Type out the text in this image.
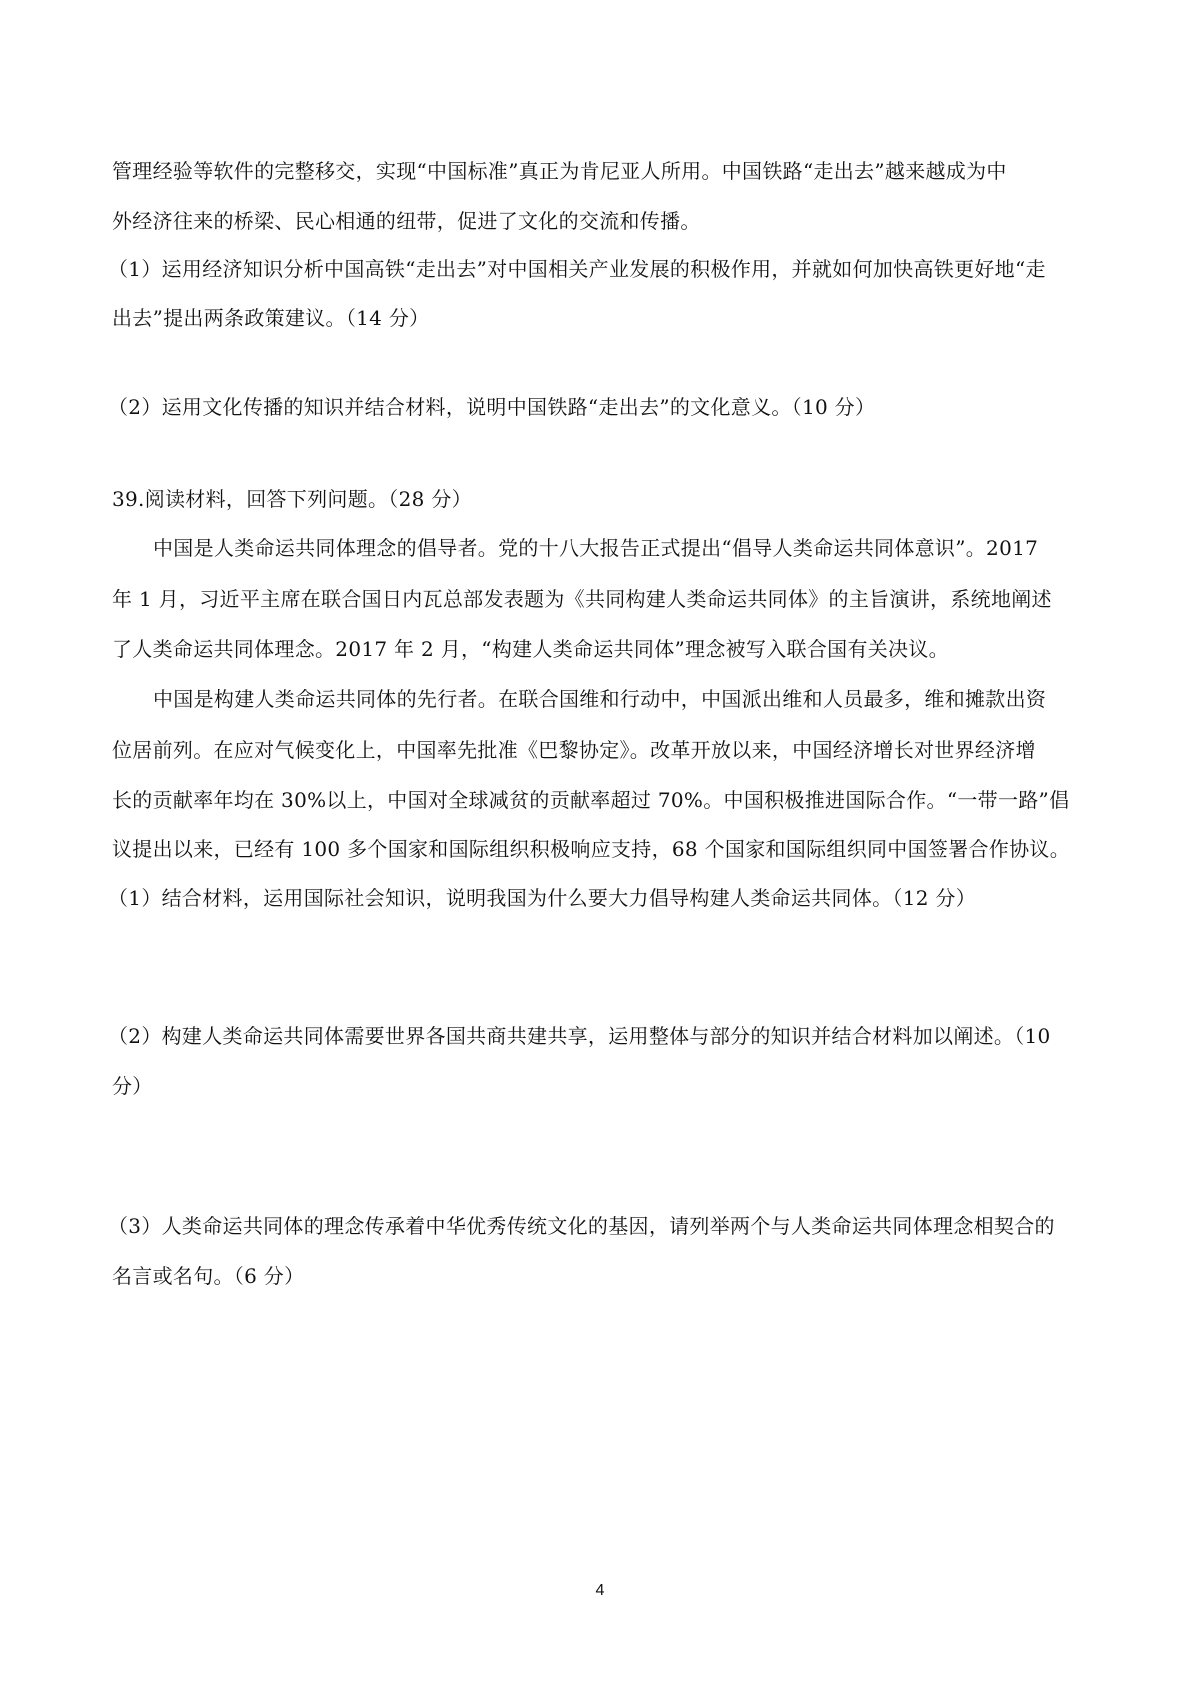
管理经验等软件的完整移交，实现“中国标准”真正为肯尼亚人所用。中国铁路“走出去”越来越成为中
外经济往来的桥梁、民心相通的纽带，促进了文化的交流和传播。
（1）运用经济知识分析中国高铁“走出去”对中国相关产业发展的积极作用，并就如何加快高铁更好地“走
出去”提出两条政策建议。（14 分）
（2）运用文化传播的知识并结合材料，说明中国铁路“走出去”的文化意义。（10 分）
39.阅读材料，回答下列问题。（28 分）
中国是人类命运共同体理念的倡导者。党的十八大报告正式提出“倡导人类命运共同体意识”。2017
年 1 月，习近平主席在联合国日内瓦总部发表题为《共同构建人类命运共同体》的主旨演讲，系统地阐述
了人类命运共同体理念。2017 年 2 月，“构建人类命运共同体”理念被写入联合国有关决议。
中国是构建人类命运共同体的先行者。在联合国维和行动中，中国派出维和人员最多，维和摊款出资
位居前列。在应对气候变化上，中国率先批准《巴黎协定》。改革开放以来，中国经济增长对世界经济增
长的贡献率年均在 30%以上，中国对全球减贫的贡献率超过 70%。中国积极推进国际合作。“一带一路”倡
议提出以来，已经有 100 多个国家和国际组织积极响应支持，68 个国家和国际组织同中国签署合作协议。
（1）结合材料，运用国际社会知识，说明我国为什么要大力倡导构建人类命运共同体。（12 分）
（2）构建人类命运共同体需要世界各国共商共建共享，运用整体与部分的知识并结合材料加以阐述。（10
分）
（3）人类命运共同体的理念传承着中华优秀传统文化的基因，请列举两个与人类命运共同体理念相契合的
名言或名句。（6 分）
4
